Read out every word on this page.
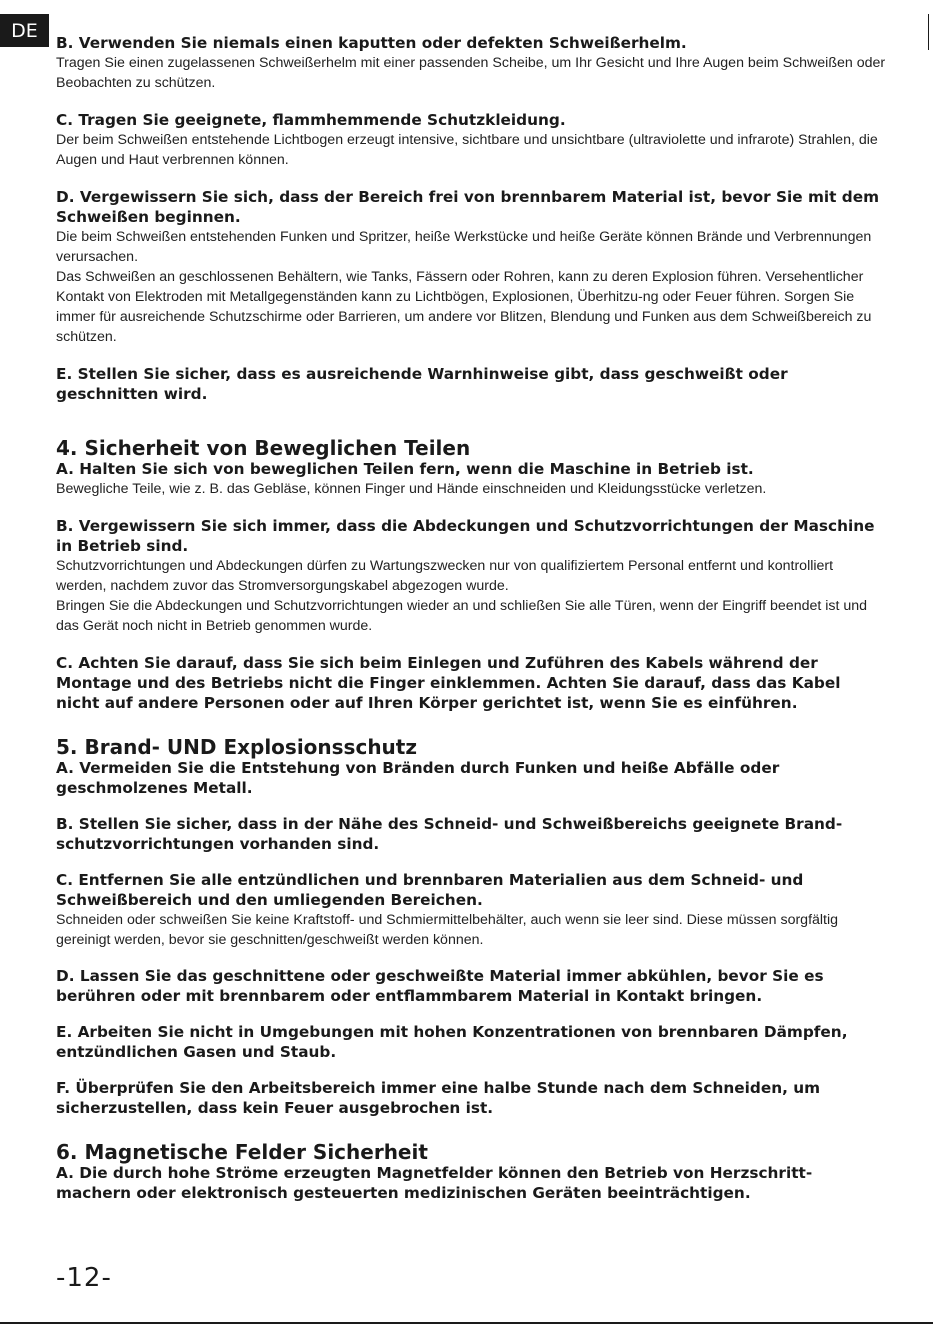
DE

B. Verwenden Sie niemals einen kaputten oder defekten Schweißerhelm.

Tragen Sie einen zugelassenen Schweißerhelm mit einer passenden Scheibe, um Ihr Gesicht und Ihre Augen beim Schweißen oder Beobachten zu schützen.

C. Tragen Sie geeignete, flammhemmende Schutzkleidung.

Der beim Schweißen entstehende Lichtbogen erzeugt intensive, sichtbare und unsichtbare (ultraviolette und infrarote) Strahlen, die Augen und Haut verbrennen können.

D. Vergewissern Sie sich, dass der Bereich frei von brennbarem Material ist, bevor Sie mit dem Schweißen beginnen.

Die beim Schweißen entstehenden Funken und Spritzer, heiße Werkstücke und heiße Geräte können Brände und Verbrennungen verursachen.

Das Schweißen an geschlossenen Behältern, wie Tanks, Fässern oder Rohren, kann zu deren Explosion führen. Versehentlicher Kontakt von Elektroden mit Metallgegenständen kann zu Lichtbögen, Explosionen, Überhitzu-ng oder Feuer führen. Sorgen Sie immer für ausreichende Schutzschirme oder Barrieren, um andere vor Blitzen, Blendung und Funken aus dem Schweißbereich zu schützen.

E. Stellen Sie sicher, dass es ausreichende Warnhinweise gibt, dass geschweißt oder geschnitten wird.

4. Sicherheit von Beweglichen Teilen

A. Halten Sie sich von beweglichen Teilen fern, wenn die Maschine in Betrieb ist.

Bewegliche Teile, wie z. B. das Gebläse, können Finger und Hände einschneiden und Kleidungsstücke verletzen.

B. Vergewissern Sie sich immer, dass die Abdeckungen und Schutzvorrichtungen der Maschine in Betrieb sind.

Schutzvorrichtungen und Abdeckungen dürfen zu Wartungszwecken nur von qualifiziertem Personal entfernt und kontrolliert werden, nachdem zuvor das Stromversorgungskabel abgezogen wurde.

Bringen Sie die Abdeckungen und Schutzvorrichtungen wieder an und schließen Sie alle Türen, wenn der Eingriff beendet ist und das Gerät noch nicht in Betrieb genommen wurde.

C. Achten Sie darauf, dass Sie sich beim Einlegen und Zuführen des Kabels während der Montage und des Betriebs nicht die Finger einklemmen. Achten Sie darauf, dass das Kabel nicht auf andere Personen oder auf Ihren Körper gerichtet ist, wenn Sie es einführen.

5. Brand- UND Explosionsschutz

A. Vermeiden Sie die Entstehung von Bränden durch Funken und heiße Abfälle oder geschmolzenes Metall.

B. Stellen Sie sicher, dass in der Nähe des Schneid- und Schweißbereichs geeignete Brand-schutzvorrichtungen vorhanden sind.

C. Entfernen Sie alle entzündlichen und brennbaren Materialien aus dem Schneid- und Schweißbereich und den umliegenden Bereichen.

Schneiden oder schweißen Sie keine Kraftstoff- und Schmiermittelbehälter, auch wenn sie leer sind. Diese müssen sorgfältig gereinigt werden, bevor sie geschnitten/geschweißt werden können.

D. Lassen Sie das geschnittene oder geschweißte Material immer abkühlen, bevor Sie es berühren oder mit brennbarem oder entflammbarem Material in Kontakt bringen.

E. Arbeiten Sie nicht in Umgebungen mit hohen Konzentrationen von brennbaren Dämpfen, entzündlichen Gasen und Staub.

F. Überprüfen Sie den Arbeitsbereich immer eine halbe Stunde nach dem Schneiden, um sicherzustellen, dass kein Feuer ausgebrochen ist.

6. Magnetische Felder Sicherheit

A. Die durch hohe Ströme erzeugten Magnetfelder können den Betrieb von Herzschritt-machern oder elektronisch gesteuerten medizinischen Geräten beeinträchtigen.

-12-
